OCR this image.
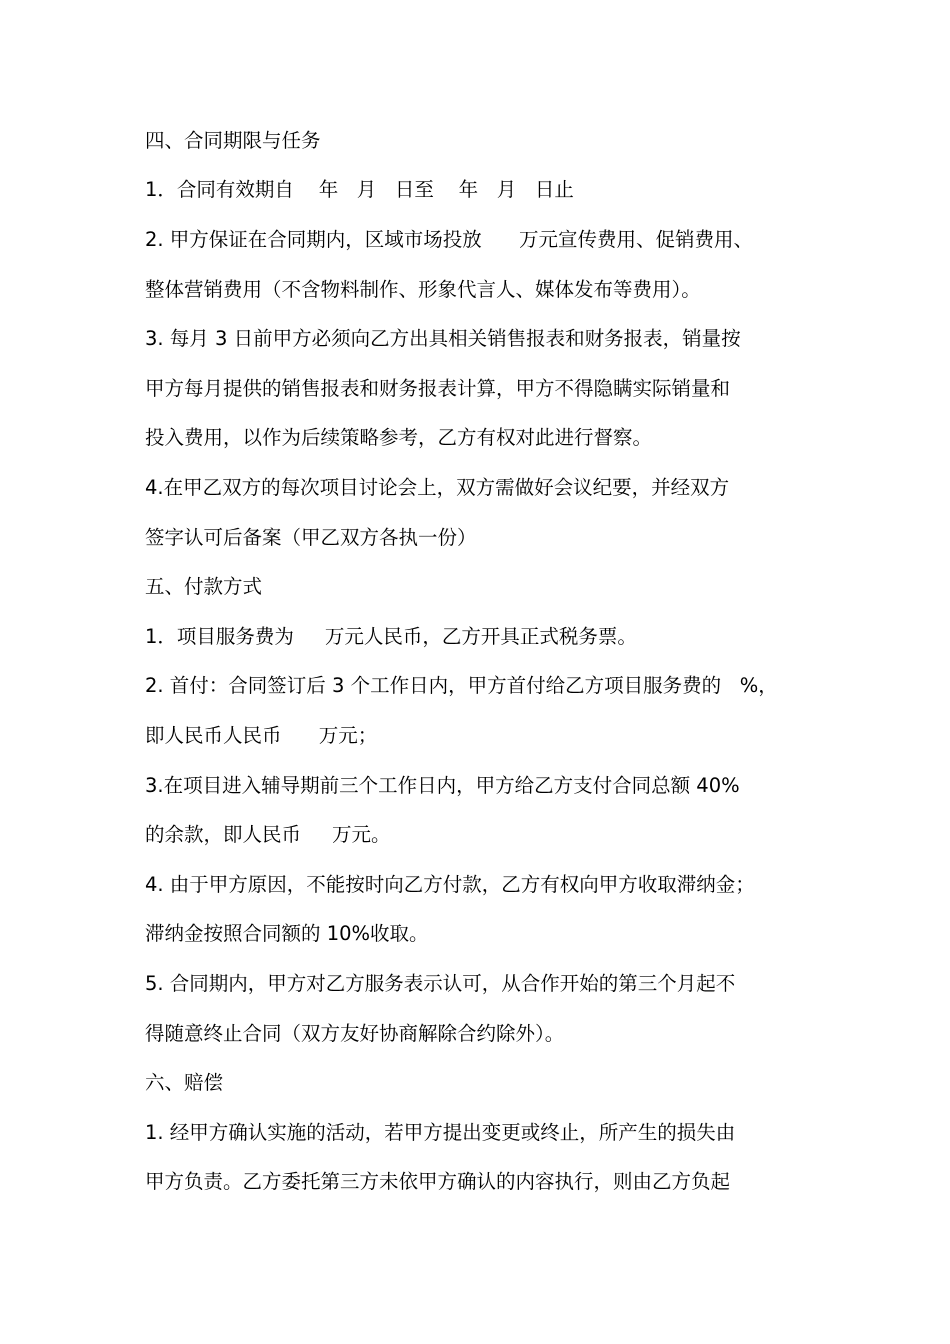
四、合同期限与任务
1．合同有效期自    年   月   日至    年   月   日止
2. 甲方保证在合同期内，区域市场投放      万元宣传费用、促销费用、
整体营销费用（不含物料制作、形象代言人、媒体发布等费用）。
3. 每月 3 日前甲方必须向乙方出具相关销售报表和财务报表，销量按
甲方每月提供的销售报表和财务报表计算，甲方不得隐瞒实际销量和
投入费用，以作为后续策略参考，乙方有权对此进行督察。
4.在甲乙双方的每次项目讨论会上，双方需做好会议纪要，并经双方
签字认可后备案（甲乙双方各执一份）
五、付款方式
1．项目服务费为     万元人民币，乙方开具正式税务票。
2. 首付：合同签订后 3 个工作日内，甲方首付给乙方项目服务费的   %，
即人民币人民币      万元；
3.在项目进入辅导期前三个工作日内，甲方给乙方支付合同总额 40%
的余款，即人民币     万元。
4. 由于甲方原因，不能按时向乙方付款，乙方有权向甲方收取滞纳金；
滞纳金按照合同额的 10%收取。
5. 合同期内，甲方对乙方服务表示认可，从合作开始的第三个月起不
得随意终止合同（双方友好协商解除合约除外）。
六、赔偿
1. 经甲方确认实施的活动，若甲方提出变更或终止，所产生的损失由
甲方负责。乙方委托第三方未依甲方确认的内容执行，则由乙方负起
